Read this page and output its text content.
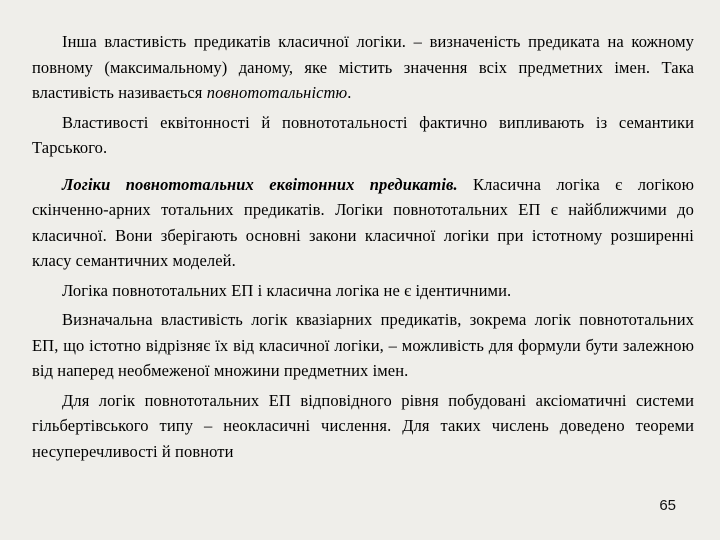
Інша властивість предикатів класичної логіки. – визначеність предиката на кожному повному (максимальному) даному, яке містить значення всіх предметних імен. Така властивість називається повнототальністю.

Властивості еквітонності й повнототальності фактично випливають із семантики Тарського.

Логіки повнототальних еквітонних предикатів. Класична логіка є логікою скінченно-арних тотальних предикатів. Логіки повнототальних ЕП є найближчими до класичної. Вони зберігають основні закони класичної логіки при істотному розширенні класу семантичних моделей.

Логіка повнототальних ЕП і класична логіка не є ідентичними.

Визначальна властивість логік квазіарних предикатів, зокрема логік повнототальних ЕП, що істотно відрізняє їх від класичної логіки, – можливість для формули бути залежною від наперед необмеженої множини предметних імен.

Для логік повнототальних ЕП відповідного рівня побудовані аксіоматичні системи гільбертівського типу – неокласичні числення. Для таких числень доведено теореми несуперечливості й повноти

65
